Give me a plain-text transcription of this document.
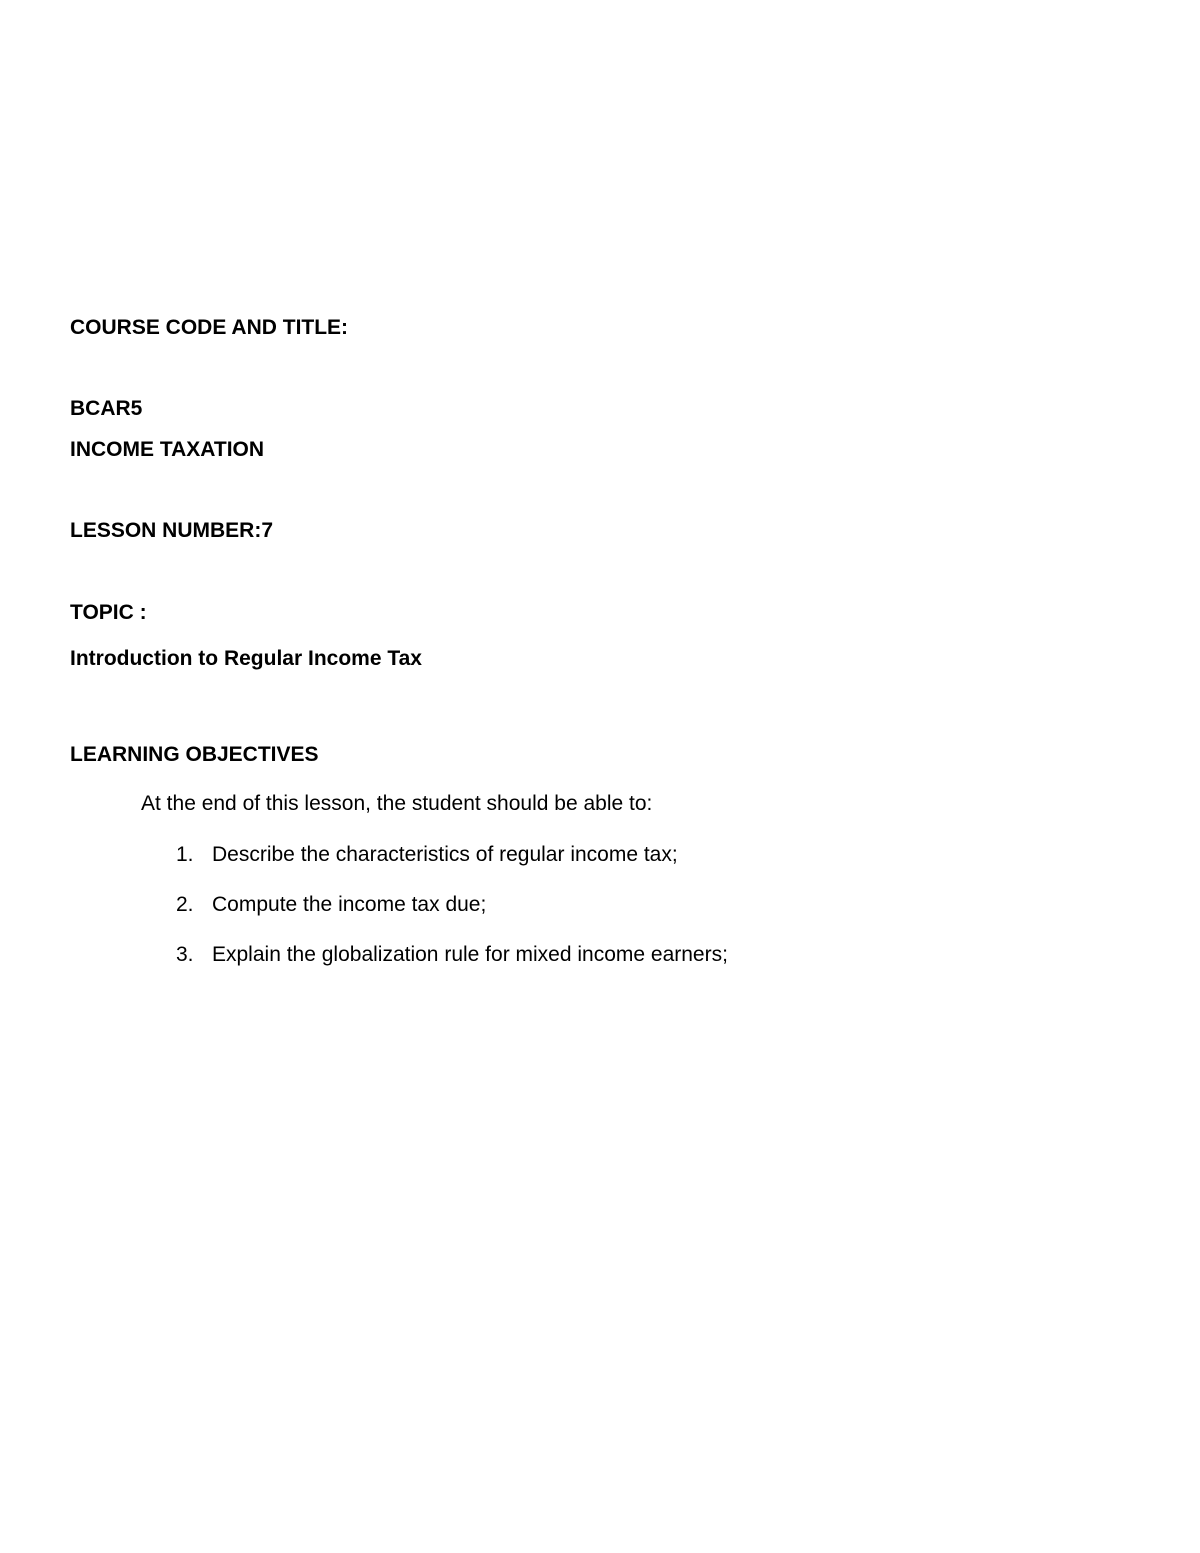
COURSE CODE AND TITLE:
BCAR5
INCOME TAXATION
LESSON NUMBER:7
TOPIC :
Introduction to Regular Income Tax
LEARNING OBJECTIVES
At the end of this lesson, the student should be able to:
1. Describe the characteristics of regular income tax;
2. Compute the income tax due;
3. Explain the globalization rule for mixed income earners;
